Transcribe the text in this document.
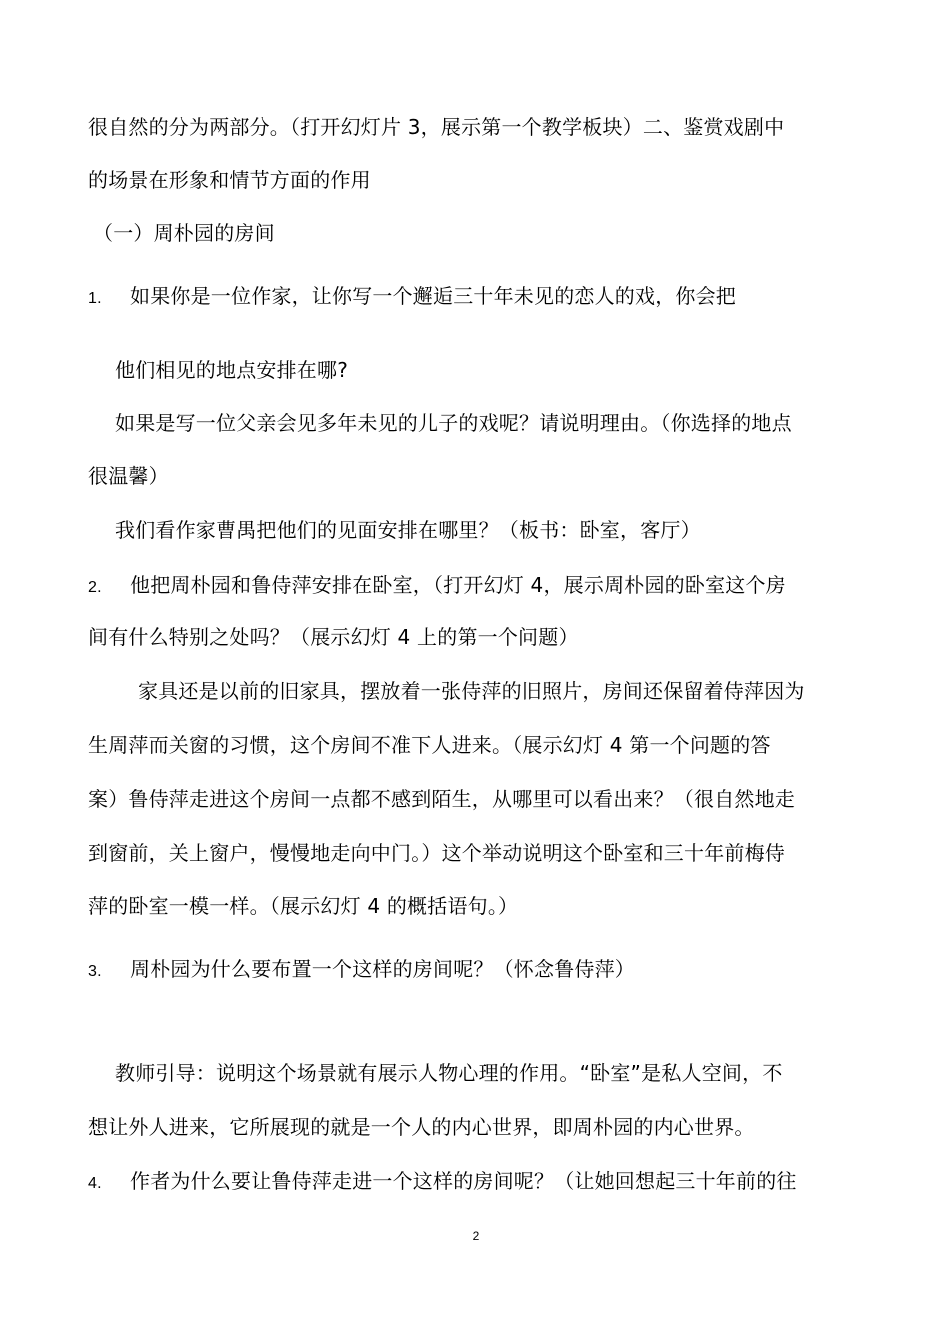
很自然的分为两部分。（打开幻灯片 3，展示第一个教学板块）二、鉴赏戏剧中
的场景在形象和情节方面的作用
（一）周朴园的房间
1. 如果你是一位作家，让你写一个邂逅三十年未见的恋人的戏，你会把
他们相见的地点安排在哪?
如果是写一位父亲会见多年未见的儿子的戏呢？请说明理由。（你选择的地点
很温馨）
我们看作家曹禺把他们的见面安排在哪里？（板书：卧室，客厅）
2. 他把周朴园和鲁侍萍安排在卧室，（打开幻灯 4，展示周朴园的卧室这个房
间有什么特别之处吗？（展示幻灯 4 上的第一个问题）
家具还是以前的旧家具，摆放着一张侍萍的旧照片，房间还保留着侍萍因为
生周萍而关窗的习惯，这个房间不准下人进来。（展示幻灯 4 第一个问题的答
案）鲁侍萍走进这个房间一点都不感到陌生，从哪里可以看出来？（很自然地走
到窗前，关上窗户，慢慢地走向中门。）这个举动说明这个卧室和三十年前梅侍
萍的卧室一模一样。（展示幻灯 4 的概括语句。）
3. 周朴园为什么要布置一个这样的房间呢？（怀念鲁侍萍）
教师引导：说明这个场景就有展示人物心理的作用。“卧室”是私人空间，不
想让外人进来，它所展现的就是一个人的内心世界，即周朴园的内心世界。
4. 作者为什么要让鲁侍萍走进一个这样的房间呢？（让她回想起三十年前的往
2
